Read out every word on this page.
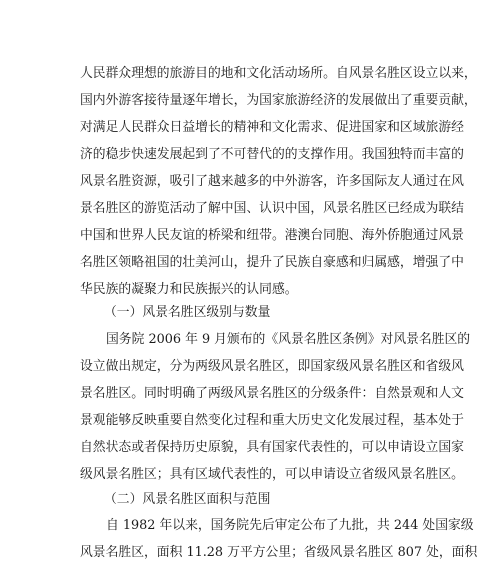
人民群众理想的旅游目的地和文化活动场所。自风景名胜区设立以来，
国内外游客接待量逐年增长，为国家旅游经济的发展做出了重要贡献，
对满足人民群众日益增长的精神和文化需求、促进国家和区域旅游经
济的稳步快速发展起到了不可替代的的支撑作用。我国独特而丰富的
风景名胜资源，吸引了越来越多的中外游客，许多国际友人通过在风
景名胜区的游览活动了解中国、认识中国，风景名胜区已经成为联结
中国和世界人民友谊的桥梁和纽带。港澳台同胞、海外侨胞通过风景
名胜区领略祖国的壮美河山，提升了民族自豪感和归属感，增强了中
华民族的凝聚力和民族振兴的认同感。
（一）风景名胜区级别与数量
国务院 2006 年 9 月颁布的《风景名胜区条例》对风景名胜区的
设立做出规定，分为两级风景名胜区，即国家级风景名胜区和省级风
景名胜区。同时明确了两级风景名胜区的分级条件：自然景观和人文
景观能够反映重要自然变化过程和重大历史文化发展过程，基本处于
自然状态或者保持历史原貌，具有国家代表性的，可以申请设立国家
级风景名胜区；具有区域代表性的，可以申请设立省级风景名胜区。
（二）风景名胜区面积与范围
自 1982 年以来，国务院先后审定公布了九批，共 244 处国家级
风景名胜区，面积 11.28 万平方公里；省级风景名胜区 807 处，面积
